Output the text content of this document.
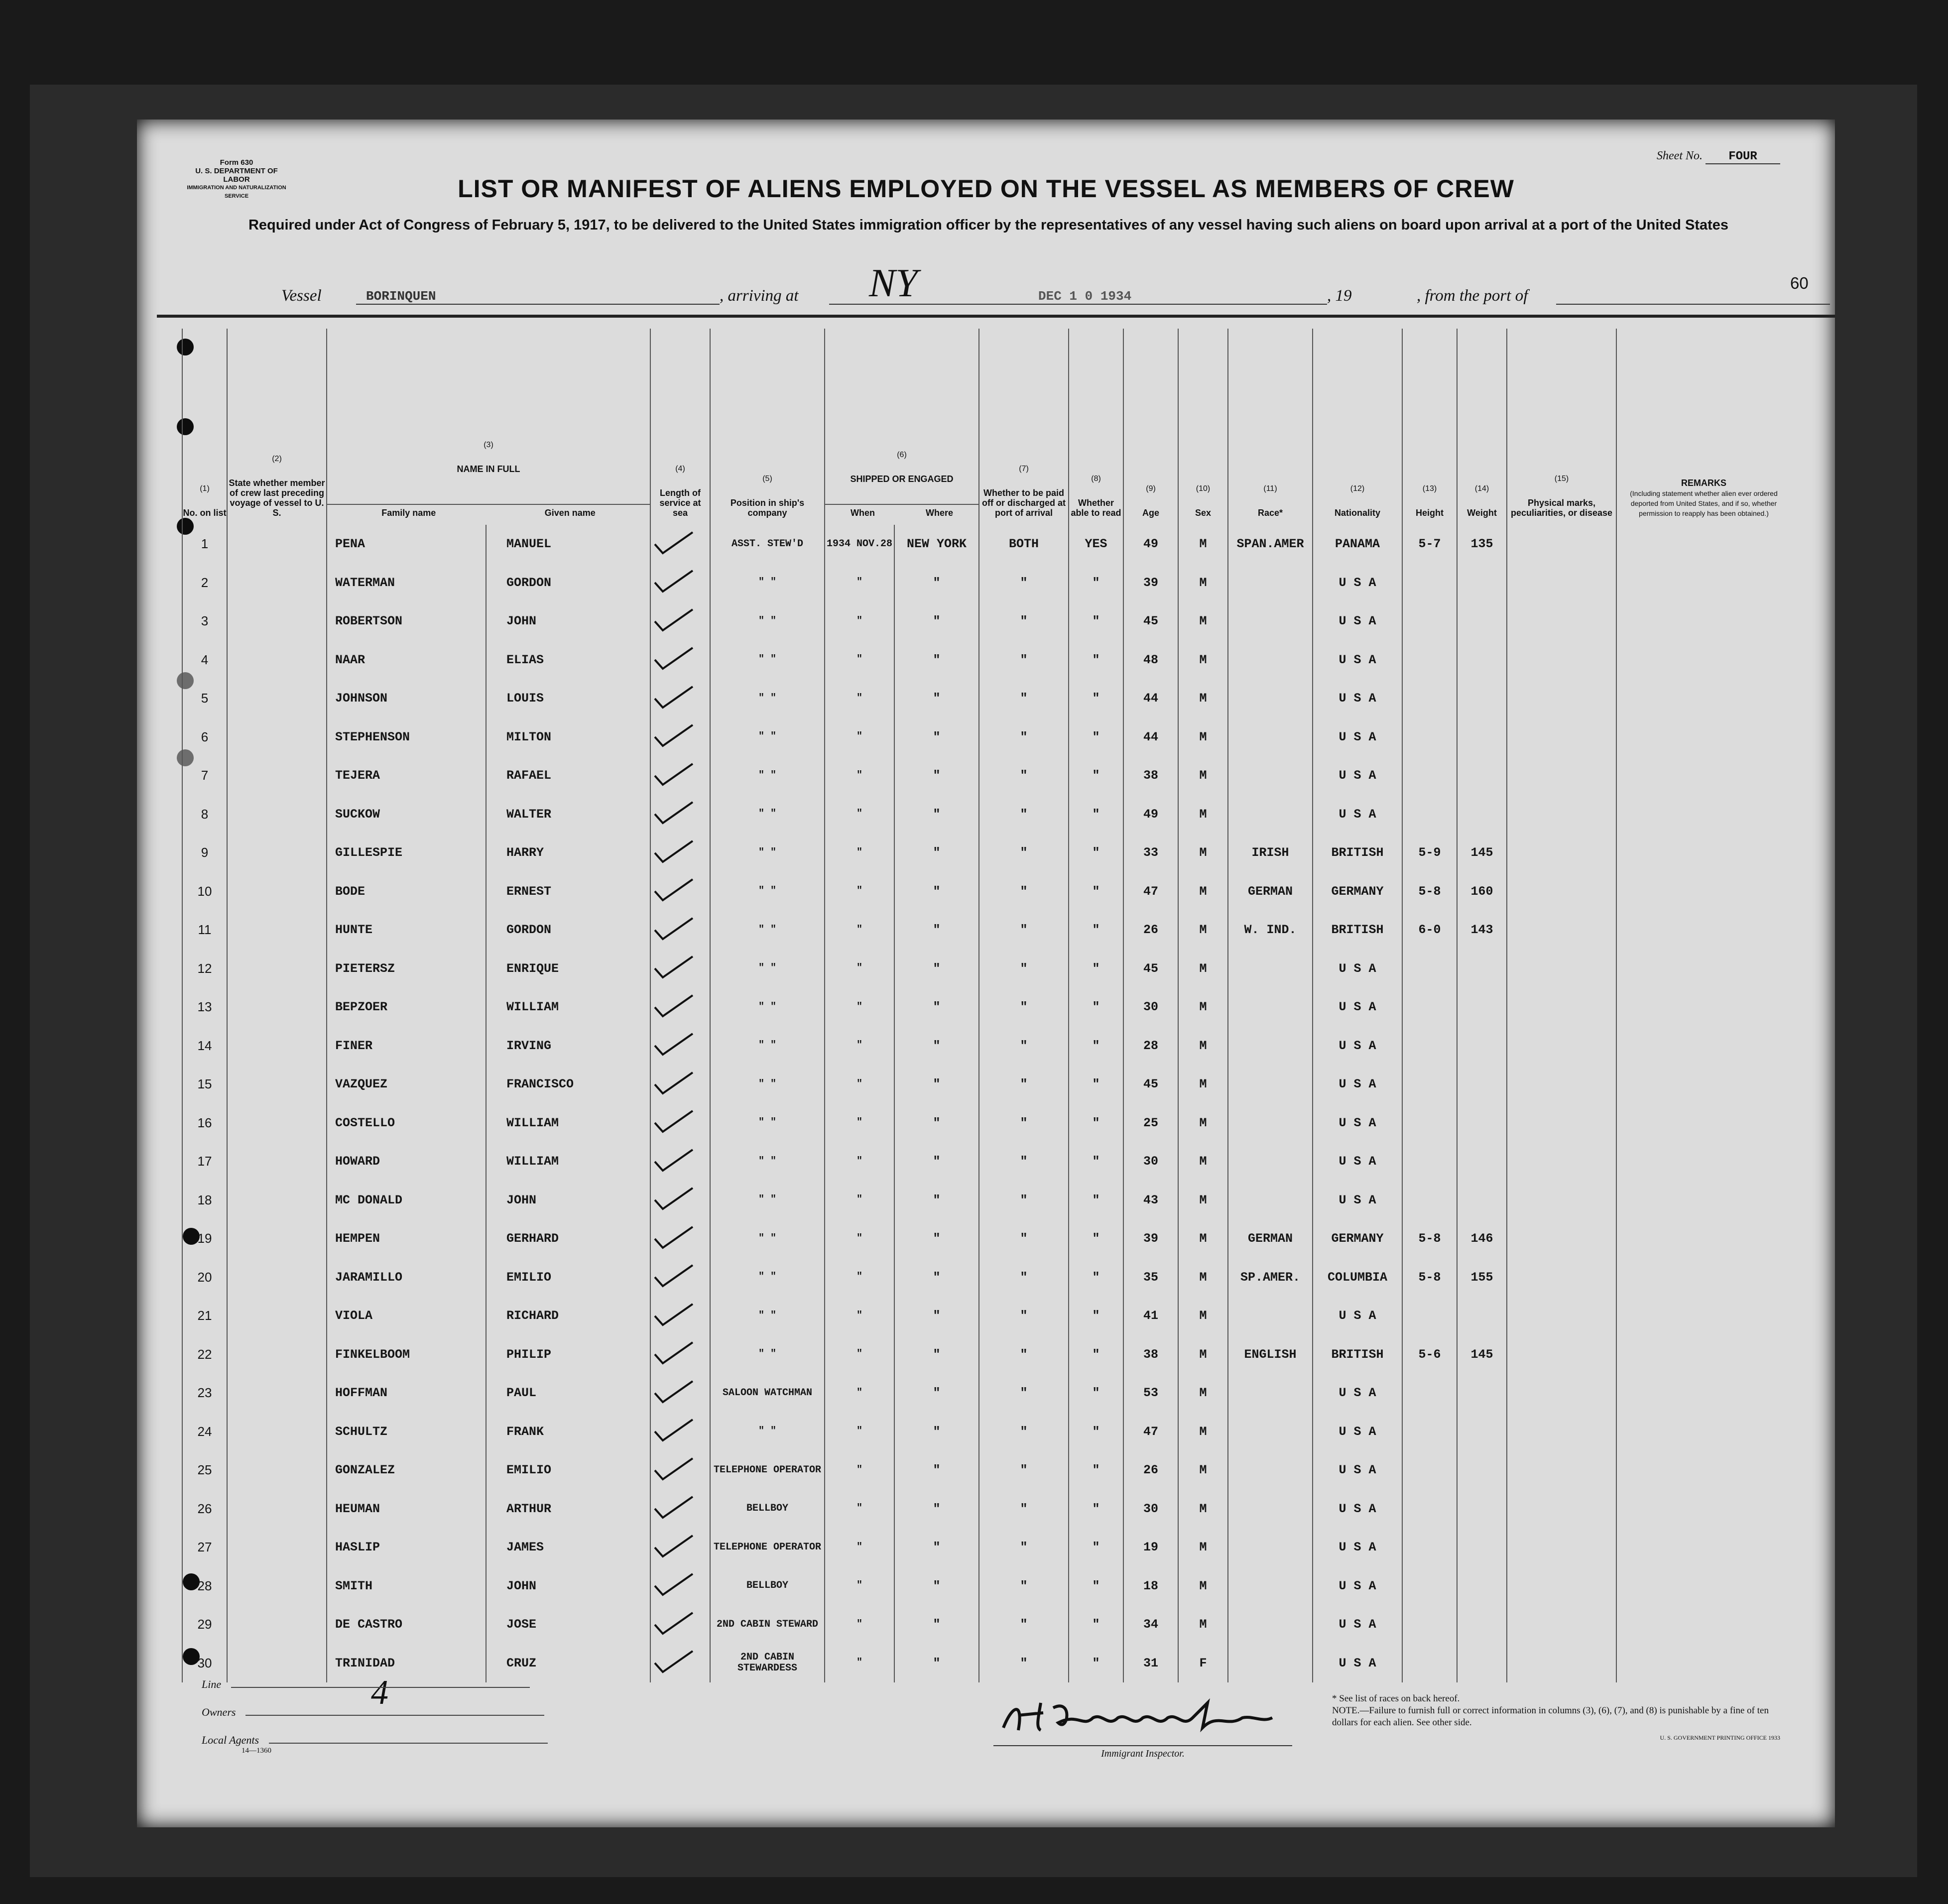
Form 630
U. S. DEPARTMENT OF LABOR
IMMIGRATION AND NATURALIZATION SERVICE
Sheet No. FOUR
LIST OR MANIFEST OF ALIENS EMPLOYED ON THE VESSEL AS MEMBERS OF CREW
Required under Act of Congress of February 5, 1917, to be delivered to the United States immigration officer by the representatives of any vessel having such aliens on board upon arrival at a port of the United States
Vessel	BORINQUEN	, arriving at NY	DEC 1 0 1934	, 19	, from the port of
60
(1)
No. on list	(2)
State whether member of crew last preceding voyage of vessel to U. S.	(3)
NAME IN FULL
Family name Given name		(4)
Length of service at sea	(5)
Position in ship's company	(6)
SHIPPED OR ENGAGED
When Where		(7)
Whether to be paid off or discharged at port of arrival	(8)
Whether able to read	(9)
Age	(10)
Sex	(11)
Race*	(12)
Nationality	(13)
Height	(14)
Weight	(15)
Physical marks, peculiarities, or disease	REMARKS
(Including statement whether alien ever ordered deported from United States, and if so, whether permission to reapply has been obtained.)
1		PENA	MANUEL		ASST. STEW'D	1934 NOV.28	NEW YORK	BOTH	YES	49	M	SPAN.AMER	PANAMA	5-7	135		
2		WATERMAN	GORDON		" "	"	"	"	"	39	M		U S A				
3		ROBERTSON	JOHN		" "	"	"	"	"	45	M		U S A				
4		NAAR	ELIAS		" "	"	"	"	"	48	M		U S A				
5		JOHNSON	LOUIS		" "	"	"	"	"	44	M		U S A				
6		STEPHENSON	MILTON		" "	"	"	"	"	44	M		U S A				
7		TEJERA	RAFAEL		" "	"	"	"	"	38	M		U S A				
8		SUCKOW	WALTER		" "	"	"	"	"	49	M		U S A				
9		GILLESPIE	HARRY		" "	"	"	"	"	33	M	IRISH	BRITISH	5-9	145		
10		BODE	ERNEST		" "	"	"	"	"	47	M	GERMAN	GERMANY	5-8	160		
11		HUNTE	GORDON		" "	"	"	"	"	26	M	W. IND.	BRITISH	6-0	143		
12		PIETERSZ	ENRIQUE		" "	"	"	"	"	45	M		U S A				
13		BEPZOER	WILLIAM		" "	"	"	"	"	30	M		U S A				
14		FINER	IRVING		" "	"	"	"	"	28	M		U S A				
15		VAZQUEZ	FRANCISCO		" "	"	"	"	"	45	M		U S A				
16		COSTELLO	WILLIAM		" "	"	"	"	"	25	M		U S A				
17		HOWARD	WILLIAM		" "	"	"	"	"	30	M		U S A				
18		MC DONALD	JOHN		" "	"	"	"	"	43	M		U S A				
19		HEMPEN	GERHARD		" "	"	"	"	"	39	M	GERMAN	GERMANY	5-8	146		
20		JARAMILLO	EMILIO		" "	"	"	"	"	35	M	SP.AMER.	COLUMBIA	5-8	155		
21		VIOLA	RICHARD		" "	"	"	"	"	41	M		U S A				
22		FINKELBOOM	PHILIP		" "	"	"	"	"	38	M	ENGLISH	BRITISH	5-6	145		
23		HOFFMAN	PAUL		SALOON WATCHMAN	"	"	"	"	53	M		U S A				
24		SCHULTZ	FRANK		" "	"	"	"	"	47	M		U S A				
25		GONZALEZ	EMILIO		TELEPHONE OPERATOR	"	"	"	"	26	M		U S A				
26		HEUMAN	ARTHUR		BELLBOY	"	"	"	"	30	M		U S A				
27		HASLIP	JAMES		TELEPHONE OPERATOR	"	"	"	"	19	M		U S A				
28		SMITH	JOHN		BELLBOY	"	"	"	"	18	M		U S A				
29		DE CASTRO	JOSE		2ND CABIN STEWARD	"	"	"	"	34	M		U S A				
30		TRINIDAD	CRUZ		2ND CABIN STEWARDESS	"	"	"	"	31	F		U S A				
4
Line
Owners
Local Agents
14—1360	Immigrant Inspector.
* See list of races on back hereof.
NOTE.—Failure to furnish full or correct information in columns (3), (6), (7), and (8) is punishable by a fine of ten dollars for each alien. See other side.
U. S. GOVERNMENT PRINTING OFFICE 1933
